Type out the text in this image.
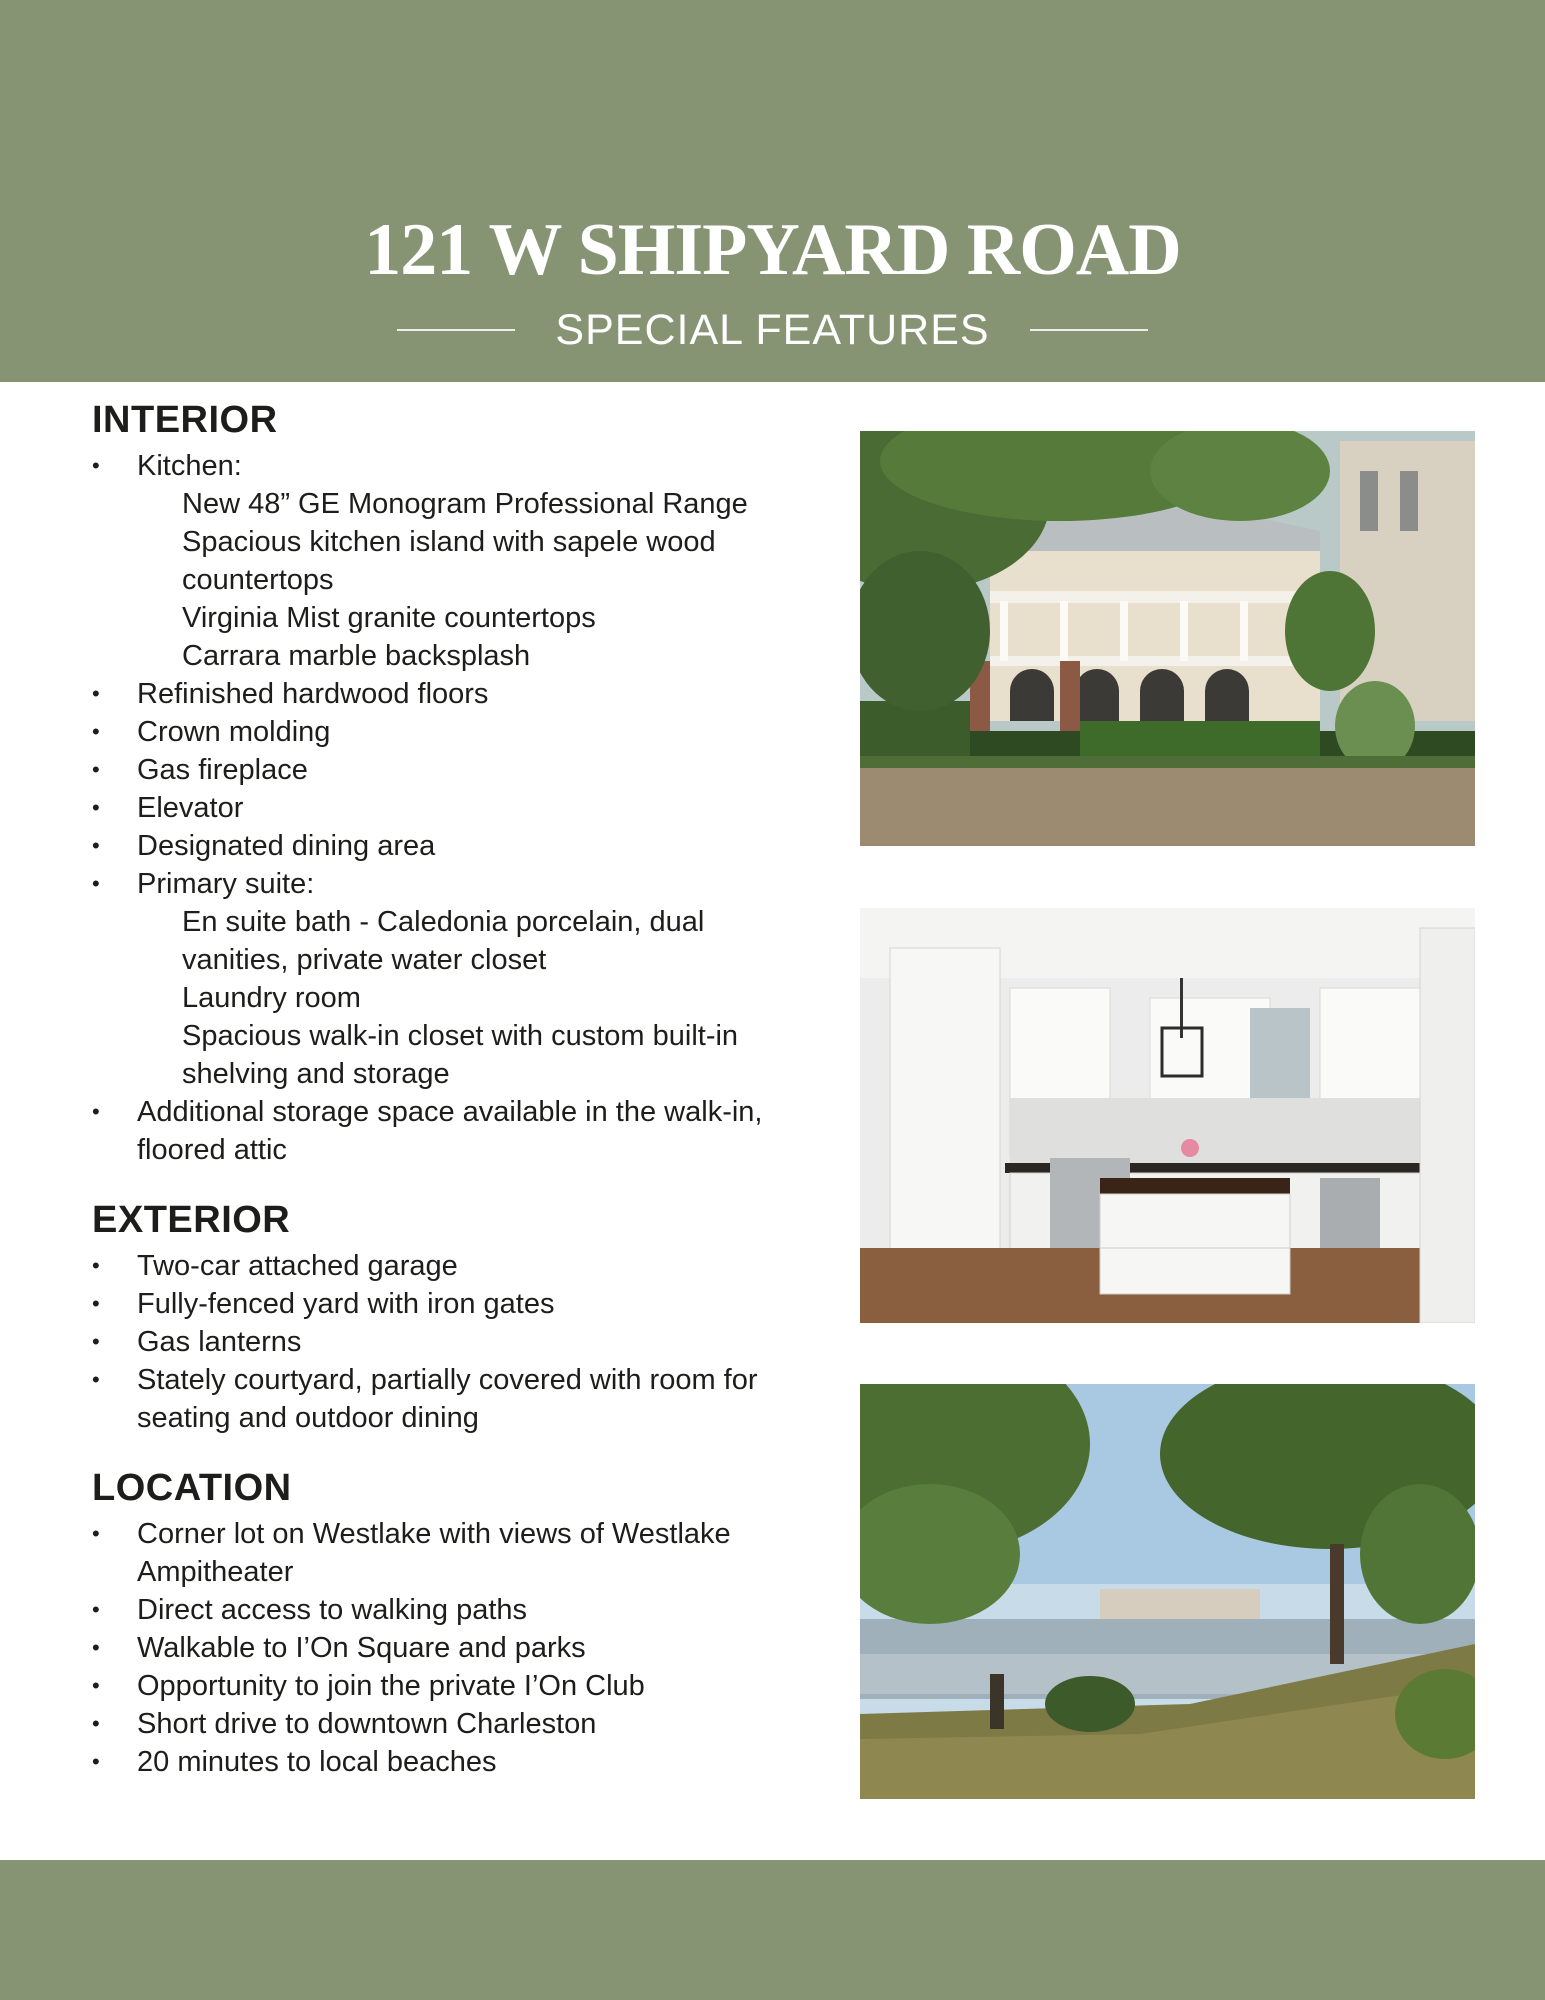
121 W SHIPYARD ROAD
SPECIAL FEATURES
INTERIOR
• Kitchen:
New 48” GE Monogram Professional Range
Spacious kitchen island with sapele wood countertops
Virginia Mist granite countertops
Carrara marble backsplash
• Refinished hardwood floors
• Crown molding
• Gas fireplace
• Elevator
• Designated dining area
• Primary suite:
En suite bath - Caledonia porcelain, dual vanities, private water closet
Laundry room
Spacious walk-in closet with custom built-in shelving and storage
• Additional storage space available in the walk-in, floored attic
EXTERIOR
• Two-car attached garage
• Fully-fenced yard with iron gates
• Gas lanterns
• Stately courtyard, partially covered with room for seating and outdoor dining
LOCATION
• Corner lot on Westlake with views of Westlake Ampitheater
• Direct access to walking paths
• Walkable to I’On Square and parks
• Opportunity to join the private I’On Club
• Short drive to downtown Charleston
• 20 minutes to local beaches
